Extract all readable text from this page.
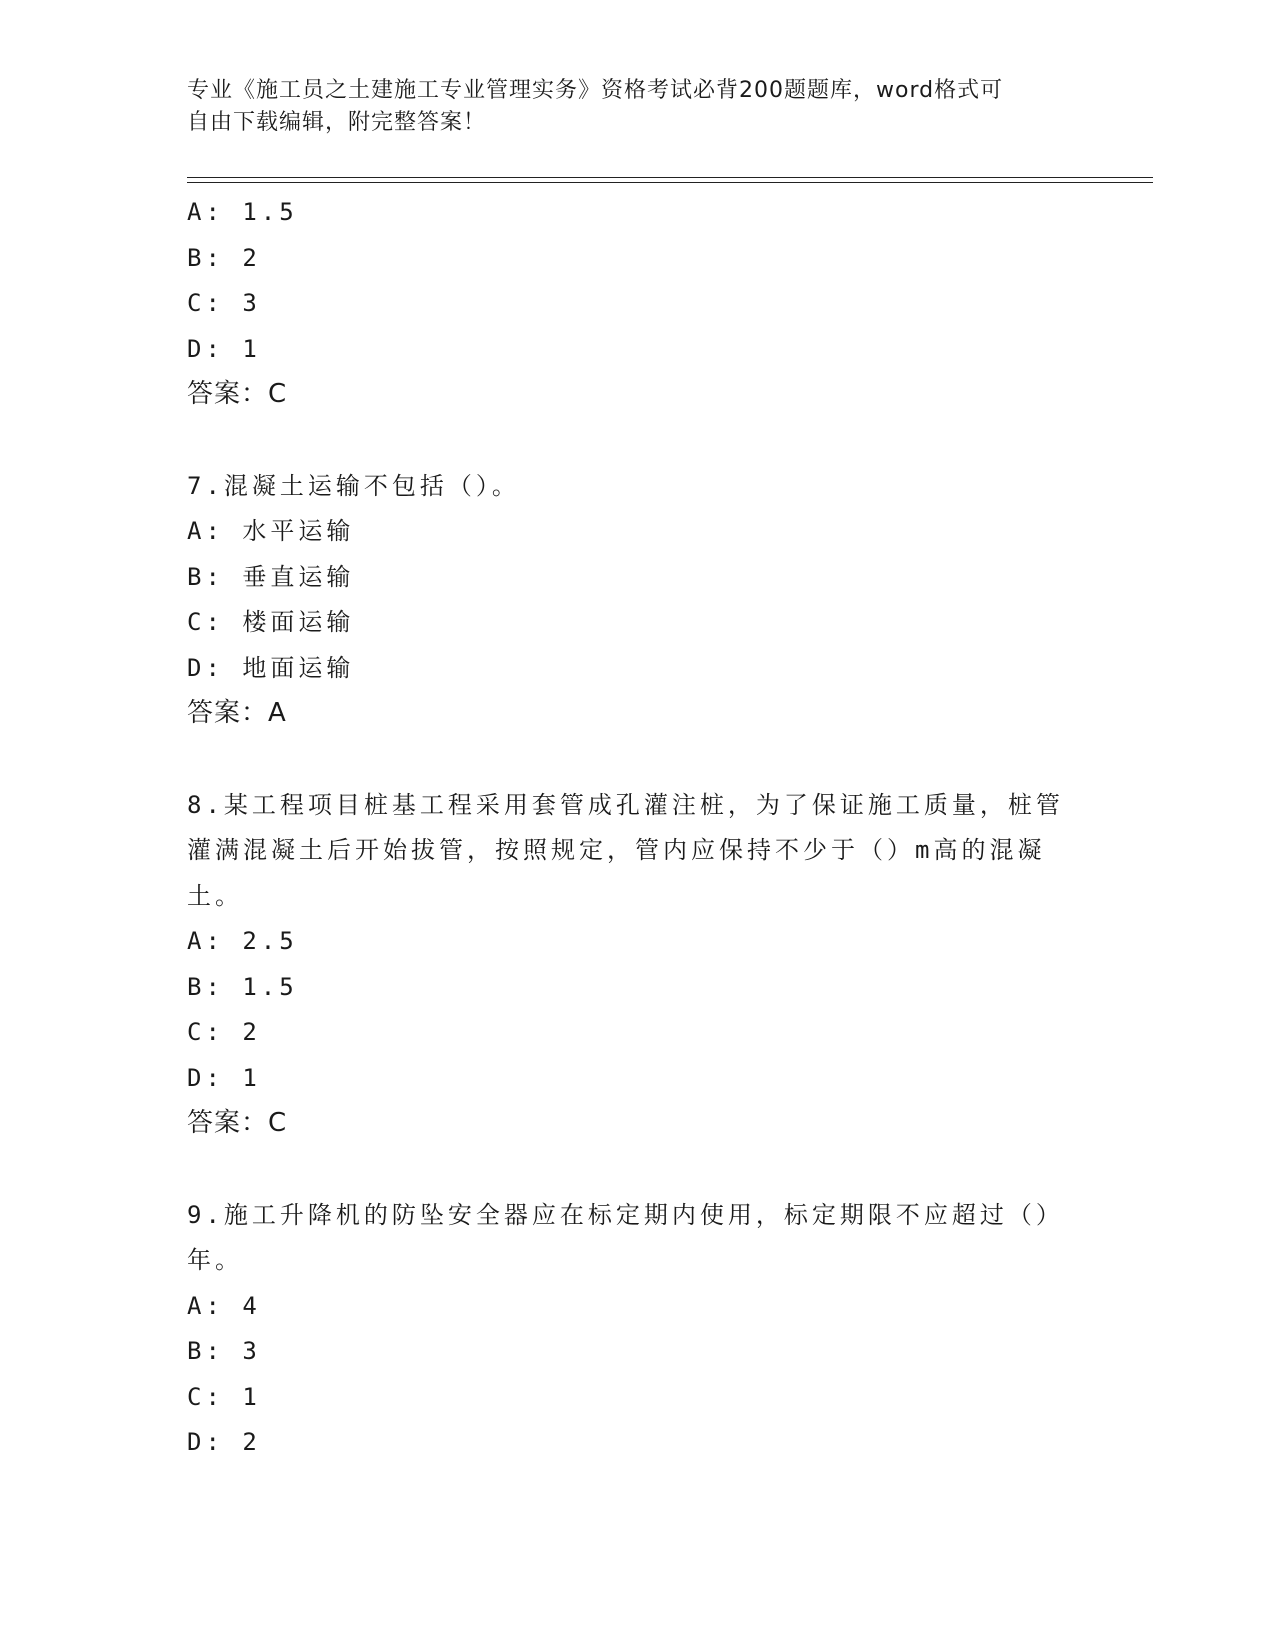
专业《施工员之土建施工专业管理实务》资格考试必背200题题库，word格式可
自由下载编辑，附完整答案！
A: 1.5
B: 2
C: 3
D: 1
答案：C
7.混凝土运输不包括（）。
A: 水平运输
B: 垂直运输
C: 楼面运输
D: 地面运输
答案：A
8.某工程项目桩基工程采用套管成孔灌注桩，为了保证施工质量，桩管灌满混凝土后开始拔管，按照规定，管内应保持不少于（）m高的混凝土。
A: 2.5
B: 1.5
C: 2
D: 1
答案：C
9.施工升降机的防坠安全器应在标定期内使用，标定期限不应超过（）年。
A: 4
B: 3
C: 1
D: 2
